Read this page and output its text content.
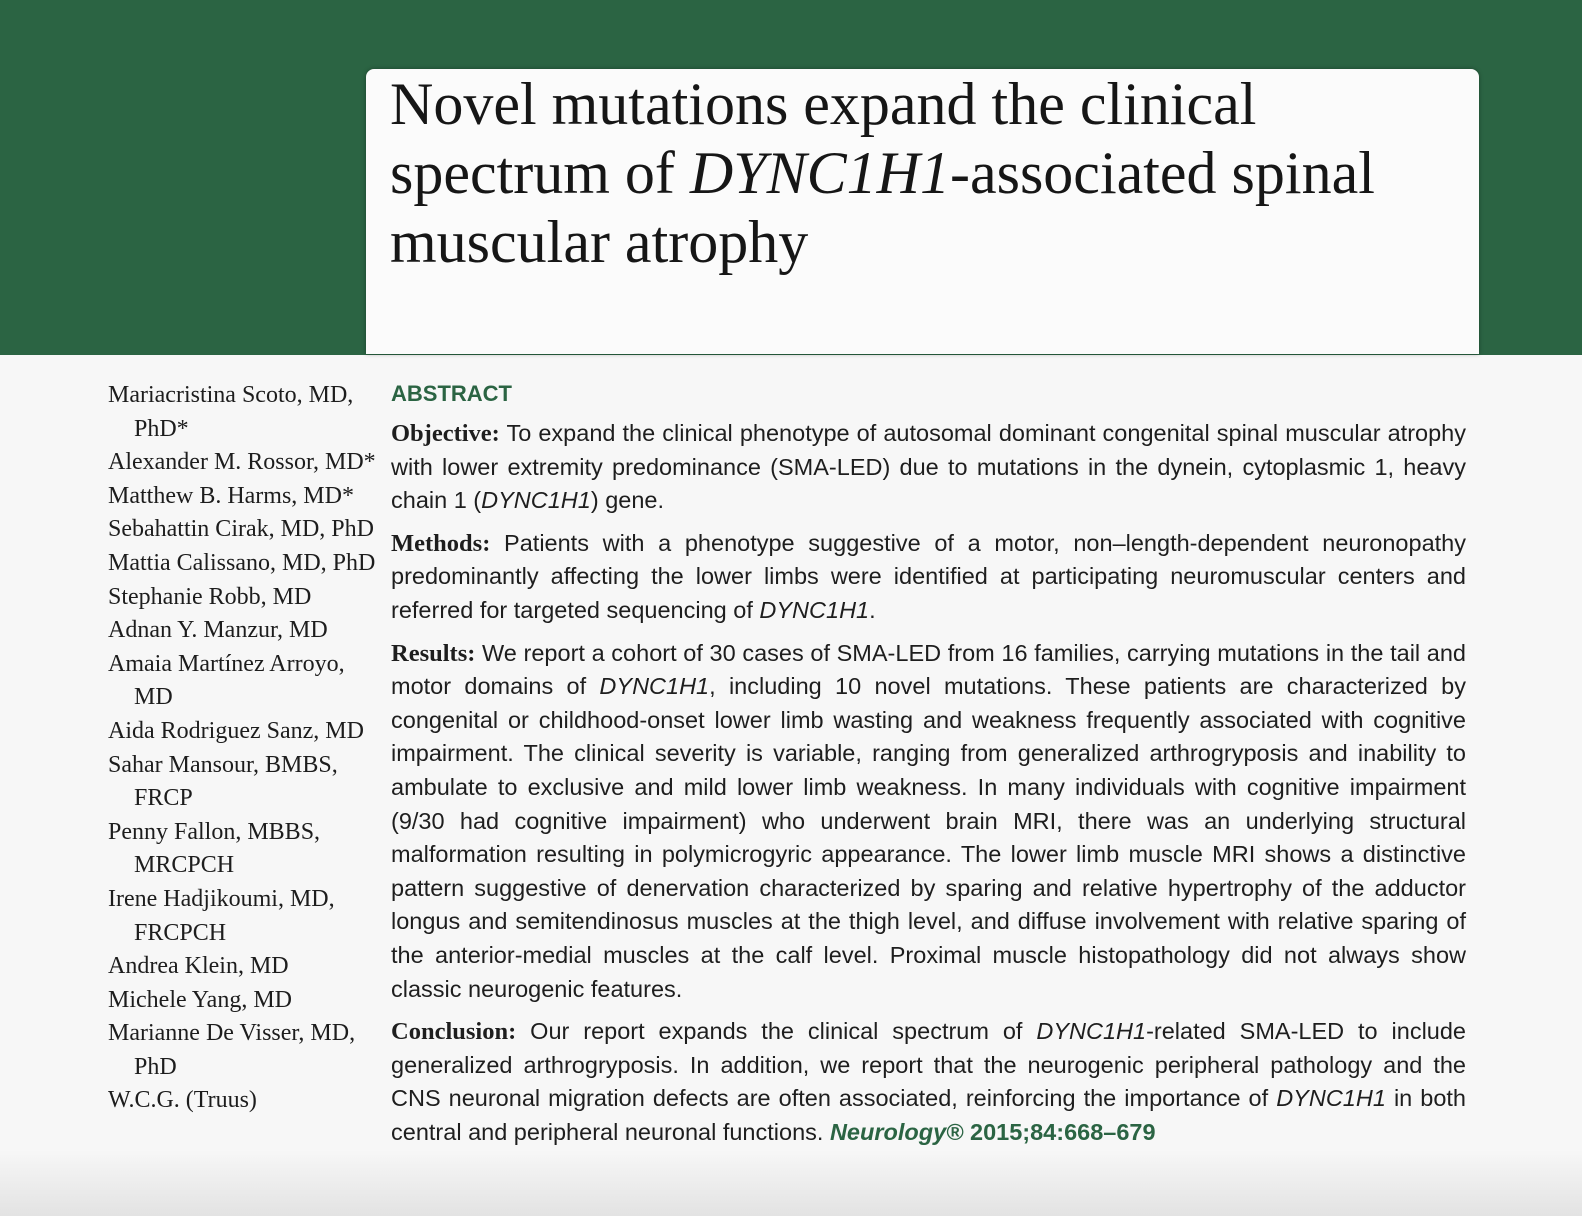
Novel mutations expand the clinical spectrum of DYNC1H1-associated spinal muscular atrophy
Mariacristina Scoto, MD, PhD*
Alexander M. Rossor, MD*
Matthew B. Harms, MD*
Sebahattin Cirak, MD, PhD
Mattia Calissano, MD, PhD
Stephanie Robb, MD
Adnan Y. Manzur, MD
Amaia Martínez Arroyo, MD
Aida Rodriguez Sanz, MD
Sahar Mansour, BMBS, FRCP
Penny Fallon, MBBS, MRCPCH
Irene Hadjikoumi, MD, FRCPCH
Andrea Klein, MD
Michele Yang, MD
Marianne De Visser, MD, PhD
W.C.G. (Truus)
ABSTRACT

Objective: To expand the clinical phenotype of autosomal dominant congenital spinal muscular atrophy with lower extremity predominance (SMA-LED) due to mutations in the dynein, cytoplasmic 1, heavy chain 1 (DYNC1H1) gene.

Methods: Patients with a phenotype suggestive of a motor, non–length-dependent neuronopathy predominantly affecting the lower limbs were identified at participating neuromuscular centers and referred for targeted sequencing of DYNC1H1.

Results: We report a cohort of 30 cases of SMA-LED from 16 families, carrying mutations in the tail and motor domains of DYNC1H1, including 10 novel mutations. These patients are characterized by congenital or childhood-onset lower limb wasting and weakness frequently associated with cognitive impairment. The clinical severity is variable, ranging from generalized arthrogryposis and inability to ambulate to exclusive and mild lower limb weakness. In many individuals with cognitive impairment (9/30 had cognitive impairment) who underwent brain MRI, there was an underlying structural malformation resulting in polymicrogyric appearance. The lower limb muscle MRI shows a distinctive pattern suggestive of denervation characterized by sparing and relative hypertrophy of the adductor longus and semitendinosus muscles at the thigh level, and diffuse involvement with relative sparing of the anterior-medial muscles at the calf level. Proximal muscle histopathology did not always show classic neurogenic features.

Conclusion: Our report expands the clinical spectrum of DYNC1H1-related SMA-LED to include generalized arthrogryposis. In addition, we report that the neurogenic peripheral pathology and the CNS neuronal migration defects are often associated, reinforcing the importance of DYNC1H1 in both central and peripheral neuronal functions. Neurology® 2015;84:668–679
